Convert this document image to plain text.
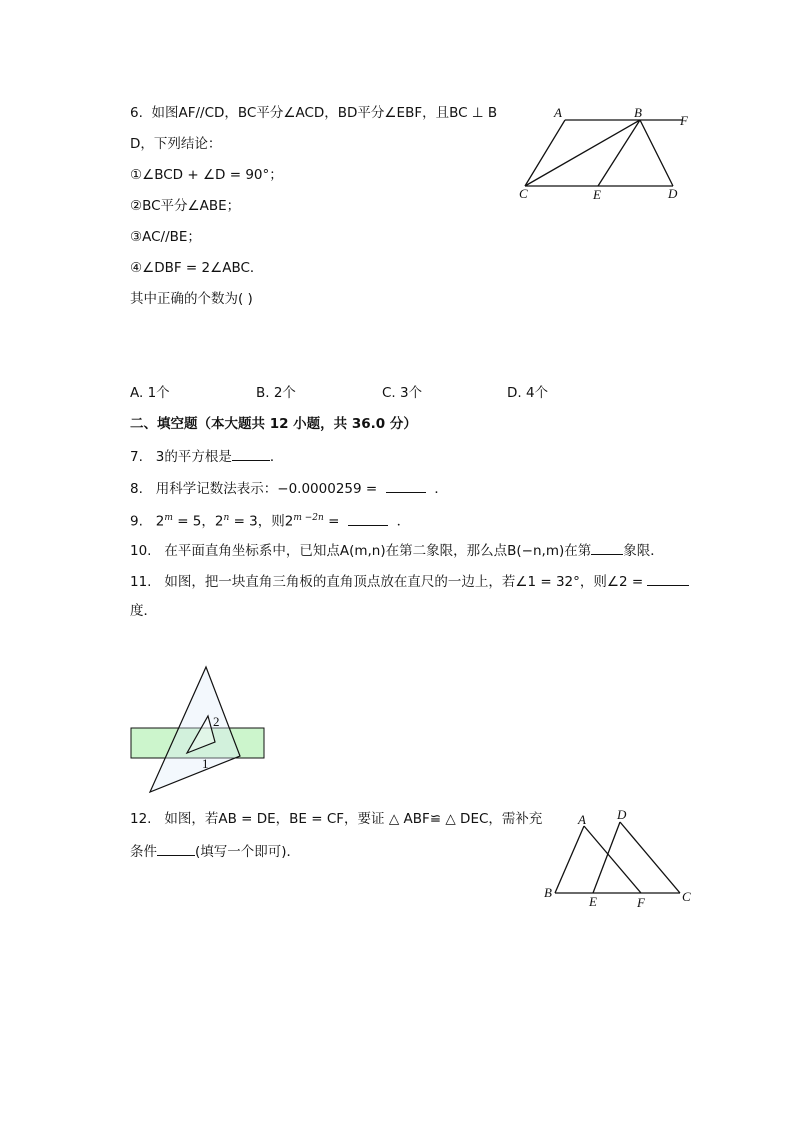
6. 如图AF//CD，BC平分∠ACD，BD平分∠EBF，且BC ⊥ B
D，下列结论：
①∠BCD + ∠D = 90°；
②BC平分∠ABE；
③AC//BE；
④∠DBF = 2∠ABC．
其中正确的个数为( )
A	B
F
C	E	D
A. 1个	B. 2个	C. 3个	D. 4个
二、填空题（本大题共 12 小题，共 36.0 分）
7. 3的平方根是	．
8. 用科学记数法表示：−0.0000259 =	．
9. $2^m = 5$，$2^n = 3$，则$2^{m -2n}$ =	．
10. 在平面直角坐标系中，已知点A(m,n)在第二象限，那么点B(−n,m)在第 象限．
11. 如图，把一块直角三角板的直角顶点放在直尺的一边上，若∠1 = 32°，则∠2 =
度．
2
1
12. 如图，若AB = DE，BE = CF，要证 △ ABF≌ △ DEC，需补充
条件	(填写一个即可)．
A D
B
E	F	C
